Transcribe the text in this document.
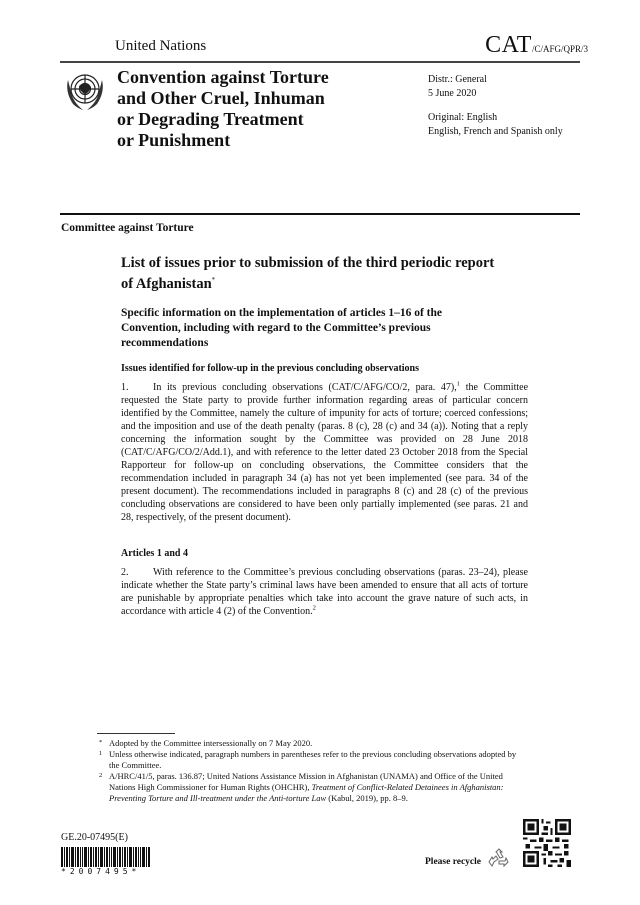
United Nations	CAT/C/AFG/QPR/3
Convention against Torture
and Other Cruel, Inhuman
or Degrading Treatment
or Punishment

Distr.: General

5 June 2020

Original: English

English, French and Spanish only

Committee against Torture
List of issues prior to submission of the third periodic report
of Afghanistan*
Specific information on the implementation of articles 1–16 of the
Convention, including with regard to the Committee’s previous
recommendations
Issues identified for follow-up in the previous concluding observations
1. In its previous concluding observations (CAT/C/AFG/CO/2, para. 47),$^1$ the Committee requested the State party to provide further information regarding areas of particular concern identified by the Committee, namely the culture of impunity for acts of torture; coerced confessions; and the imposition and use of the death penalty (paras. 8 (c), 28 (c) and 34 (a)). Noting that a reply concerning the information sought by the Committee was provided on 28 June 2018 (CAT/C/AFG/CO/2/Add.1), and with reference to the letter dated 23 October 2018 from the Special Rapporteur for follow-up on concluding observations, the Committee considers that the recommendation included in paragraph 34 (a) has not yet been implemented (see para. 34 of the present document). The recommendations included in paragraphs 8 (c) and 28 (c) of the previous concluding observations are considered to have been only partially implemented (see paras. 21 and 28, respectively, of the present document).
Articles 1 and 4
2. With reference to the Committee’s previous concluding observations (paras. 23–24), please indicate whether the State party’s criminal laws have been amended to ensure that all acts of torture are punishable by appropriate penalties which take into account the grave nature of such acts, in accordance with article 4 (2) of the Convention.$^2$
* Adopted by the Committee intersessionally on 7 May 2020.
1 Unless otherwise indicated, paragraph numbers in parentheses refer to the previous concluding observations adopted by the Committee.
2 A/HRC/41/5, paras. 136.87; United Nations Assistance Mission in Afghanistan (UNAMA) and Office of the United Nations High Commissioner for Human Rights (OHCHR), Treatment of Conflict-Related Detainees in Afghanistan: Preventing Torture and Ill-treatment under the Anti-torture Law (Kabul, 2019), pp. 8–9.
GE.20-07495(E)
*2007495*
Please recycle
